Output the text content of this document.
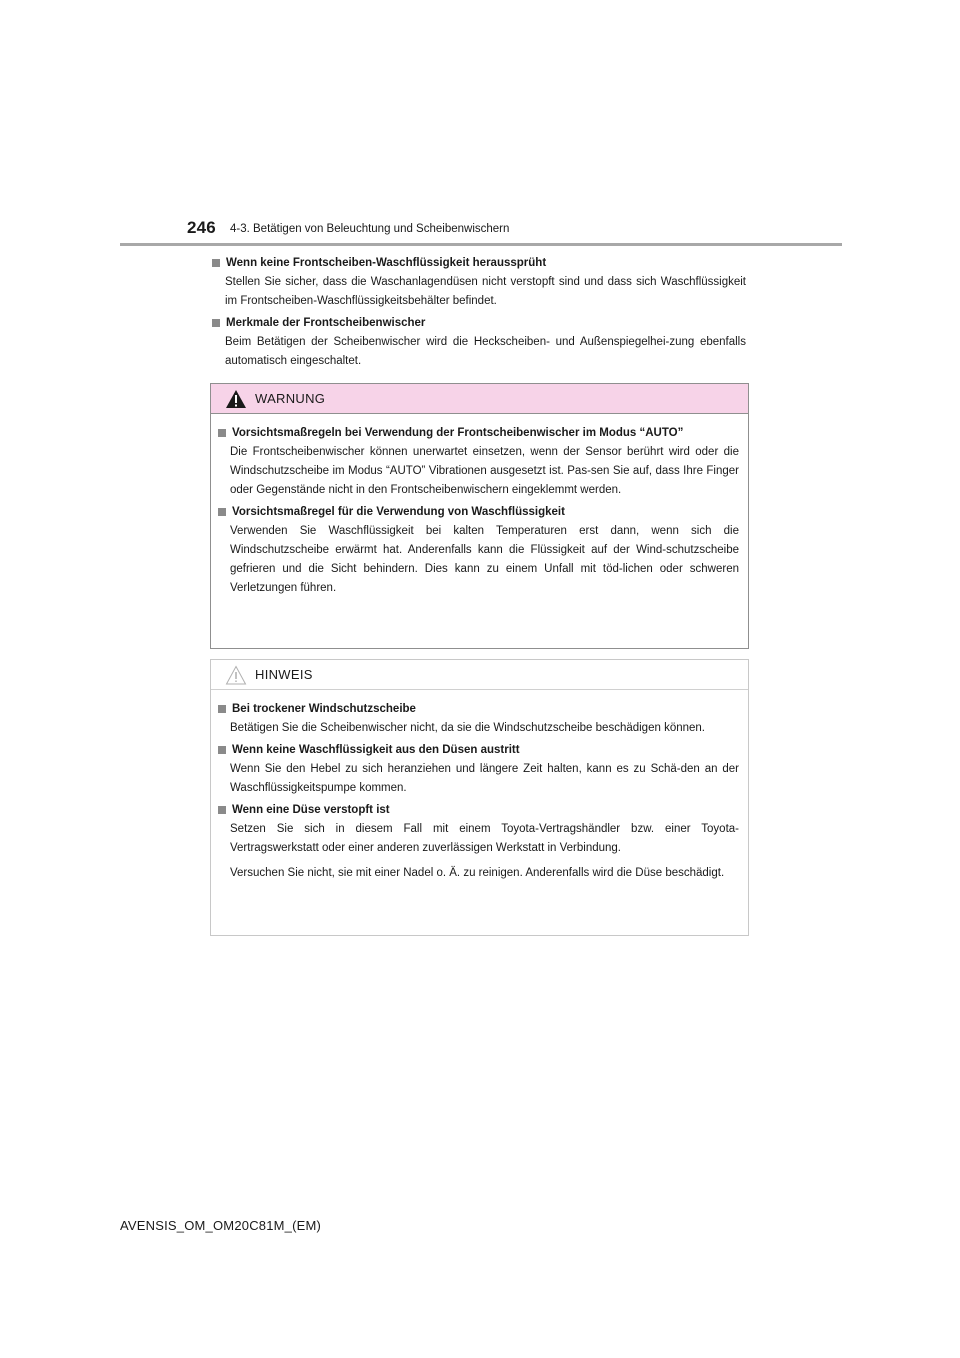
246 4-3. Betätigen von Beleuchtung und Scheibenwischern
Wenn keine Frontscheiben-Waschflüssigkeit heraussprüht
Stellen Sie sicher, dass die Waschanlagendüsen nicht verstopft sind und dass sich Waschflüssigkeit im Frontscheiben-Waschflüssigkeitsbehälter befindet.
Merkmale der Frontscheibenwischer
Beim Betätigen der Scheibenwischer wird die Heckscheiben- und Außenspiegelhei-zung ebenfalls automatisch eingeschaltet.
WARNUNG
Vorsichtsmaßregeln bei Verwendung der Frontscheibenwischer im Modus “AUTO”
Die Frontscheibenwischer können unerwartet einsetzen, wenn der Sensor berührt wird oder die Windschutzscheibe im Modus “AUTO” Vibrationen ausgesetzt ist. Pas-sen Sie auf, dass Ihre Finger oder Gegenstände nicht in den Frontscheibenwischern eingeklemmt werden.
Vorsichtsmaßregel für die Verwendung von Waschflüssigkeit
Verwenden Sie Waschflüssigkeit bei kalten Temperaturen erst dann, wenn sich die Windschutzscheibe erwärmt hat. Anderenfalls kann die Flüssigkeit auf der Wind-schutzscheibe gefrieren und die Sicht behindern. Dies kann zu einem Unfall mit töd-lichen oder schweren Verletzungen führen.
HINWEIS
Bei trockener Windschutzscheibe
Betätigen Sie die Scheibenwischer nicht, da sie die Windschutzscheibe beschädigen können.
Wenn keine Waschflüssigkeit aus den Düsen austritt
Wenn Sie den Hebel zu sich heranziehen und längere Zeit halten, kann es zu Schä-den an der Waschflüssigkeitspumpe kommen.
Wenn eine Düse verstopft ist
Setzen Sie sich in diesem Fall mit einem Toyota-Vertragshändler bzw. einer Toyota-Vertragswerkstatt oder einer anderen zuverlässigen Werkstatt in Verbindung.
Versuchen Sie nicht, sie mit einer Nadel o. Ä. zu reinigen. Anderenfalls wird die Düse beschädigt.
AVENSIS_OM_OM20C81M_(EM)
